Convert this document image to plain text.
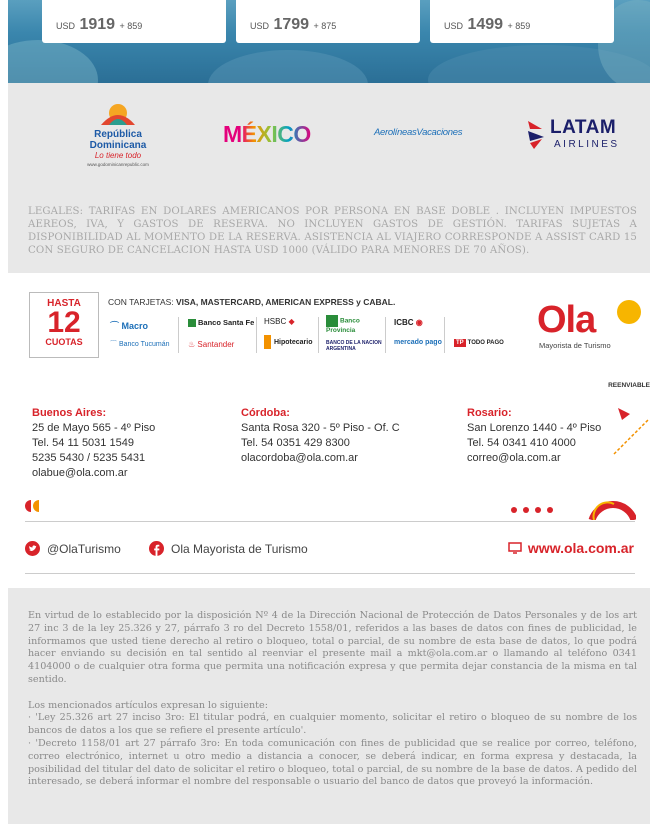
USD 1919 + 859	USD 1799 + 875	USD 1499 + 859
República Dominicana
Lo tiene todo
www.godominicanrepublic.com
MÉXICO	AerolíneasVacaciones	LATAM
AIRLINES
LEGALES: TARIFAS EN DOLARES AMERICANOS POR PERSONA EN BASE DOBLE . INCLUYEN IMPUESTOS AEREOS, IVA, Y GASTOS DE RESERVA. NO INCLUYEN GASTOS DE GESTIÓN. TARIFAS SUJETAS A DISPONIBILIDAD AL MOMENTO DE LA RESERVA. ASISTENCIA AL VIAJERO CORRESPONDE A ASSIST CARD 15 CON SEGURO DE CANCELACION HASTA USD 1000 (VÁLIDO PARA MENORES DE 70 AÑOS).
HASTA
12
CUOTAS
CON TARJETAS: VISA, MASTERCARD, AMERICAN EXPRESS y CABAL.
⌒ Macro
⌒ Banco Tucumán
Banco Santa Fe
♨ Santander
HSBC ◆
Hipotecario
Banco Provincia
BANCO DE LA NACION ARGENTINA
ICBC ◉
mercado pago	TP TODO PAGO
Ola
Mayorista de Turismo
REENVIABLE
Buenos Aires:
25 de Mayo 565 - 4º Piso
Tel. 54 11 5031 1549
5235 5430 / 5235 5431
olabue@ola.com.ar
Córdoba:
Santa Rosa 320 - 5º Piso - Of. C
Tel. 54 0351 429 8300
olacordoba@ola.com.ar
Rosario:
San Lorenzo 1440 - 4º Piso
Tel. 54 0341 410 4000
correo@ola.com.ar
@OlaTurismo	Ola Mayorista de Turismo	www.ola.com.ar

En virtud de lo establecido por la disposición Nº 4 de la Dirección Nacional de Protección de Datos Personales y de los art 27 inc 3 de la ley 25.326 y 27, párrafo 3 ro del Decreto 1558/01, referidos a las bases de datos con fines de publicidad, le informamos que usted tiene derecho al retiro o bloqueo, total o parcial, de su nombre de esta base de datos, lo que podrá hacer enviando su decisión en tal sentido al reenviar el presente mail a mkt@ola.com.ar o llamando al teléfono 0341 4104000 o de cualquier otra forma que permita una notificación expresa y que permita dejar constancia de la misma en tal sentido.

Los mencionados artículos expresan lo siguiente:

· 'Ley 25.326 art 27 inciso 3ro: El titular podrá, en cualquier momento, solicitar el retiro o bloqueo de su nombre de los bancos de datos a los que se refiere el presente artículo'.

· 'Decreto 1158/01 art 27 párrafo 3ro: En toda comunicación con fines de publicidad que se realice por correo, teléfono, correo electrónico, internet u otro medio a distancia a conocer, se deberá indicar, en forma expresa y destacada, la posibilidad del titular del dato de solicitar el retiro o bloqueo, total o parcial, de su nombre de la base de datos. A pedido del interesado, se deberá informar el nombre del responsable o usuario del banco de datos que proveyó la información.
